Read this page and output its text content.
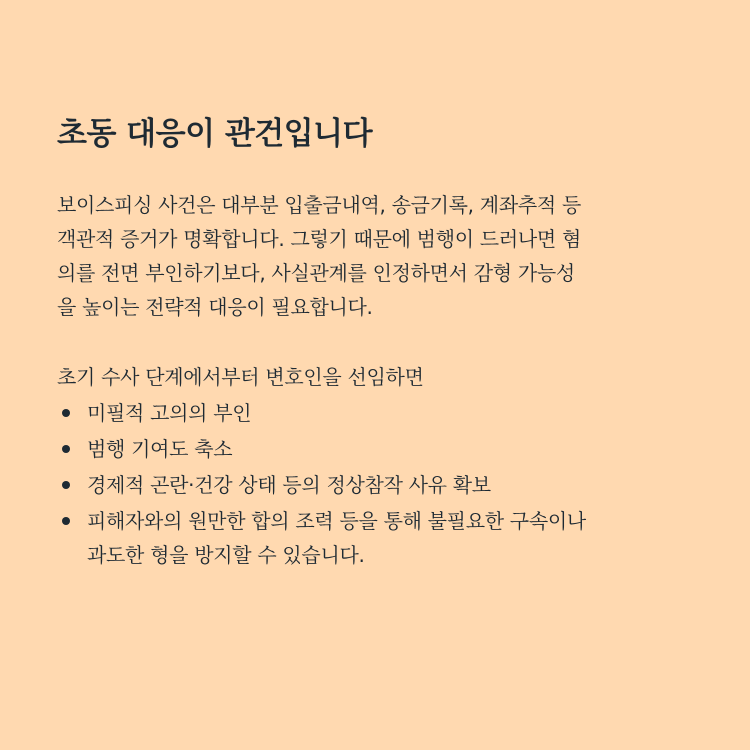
초동 대응이 관건입니다
보이스피싱 사건은 대부분 입출금내역, 송금기록, 계좌추적 등
객관적 증거가 명확합니다. 그렇기 때문에 범행이 드러나면 혐
의를 전면 부인하기보다, 사실관계를 인정하면서 감형 가능성
을 높이는 전략적 대응이 필요합니다.
초기 수사 단계에서부터 변호인을 선임하면
미필적 고의의 부인
범행 기여도 축소
경제적 곤란·건강 상태 등의 정상참작 사유 확보
피해자와의 원만한 합의 조력 등을 통해 불필요한 구속이나
과도한 형을 방지할 수 있습니다.
